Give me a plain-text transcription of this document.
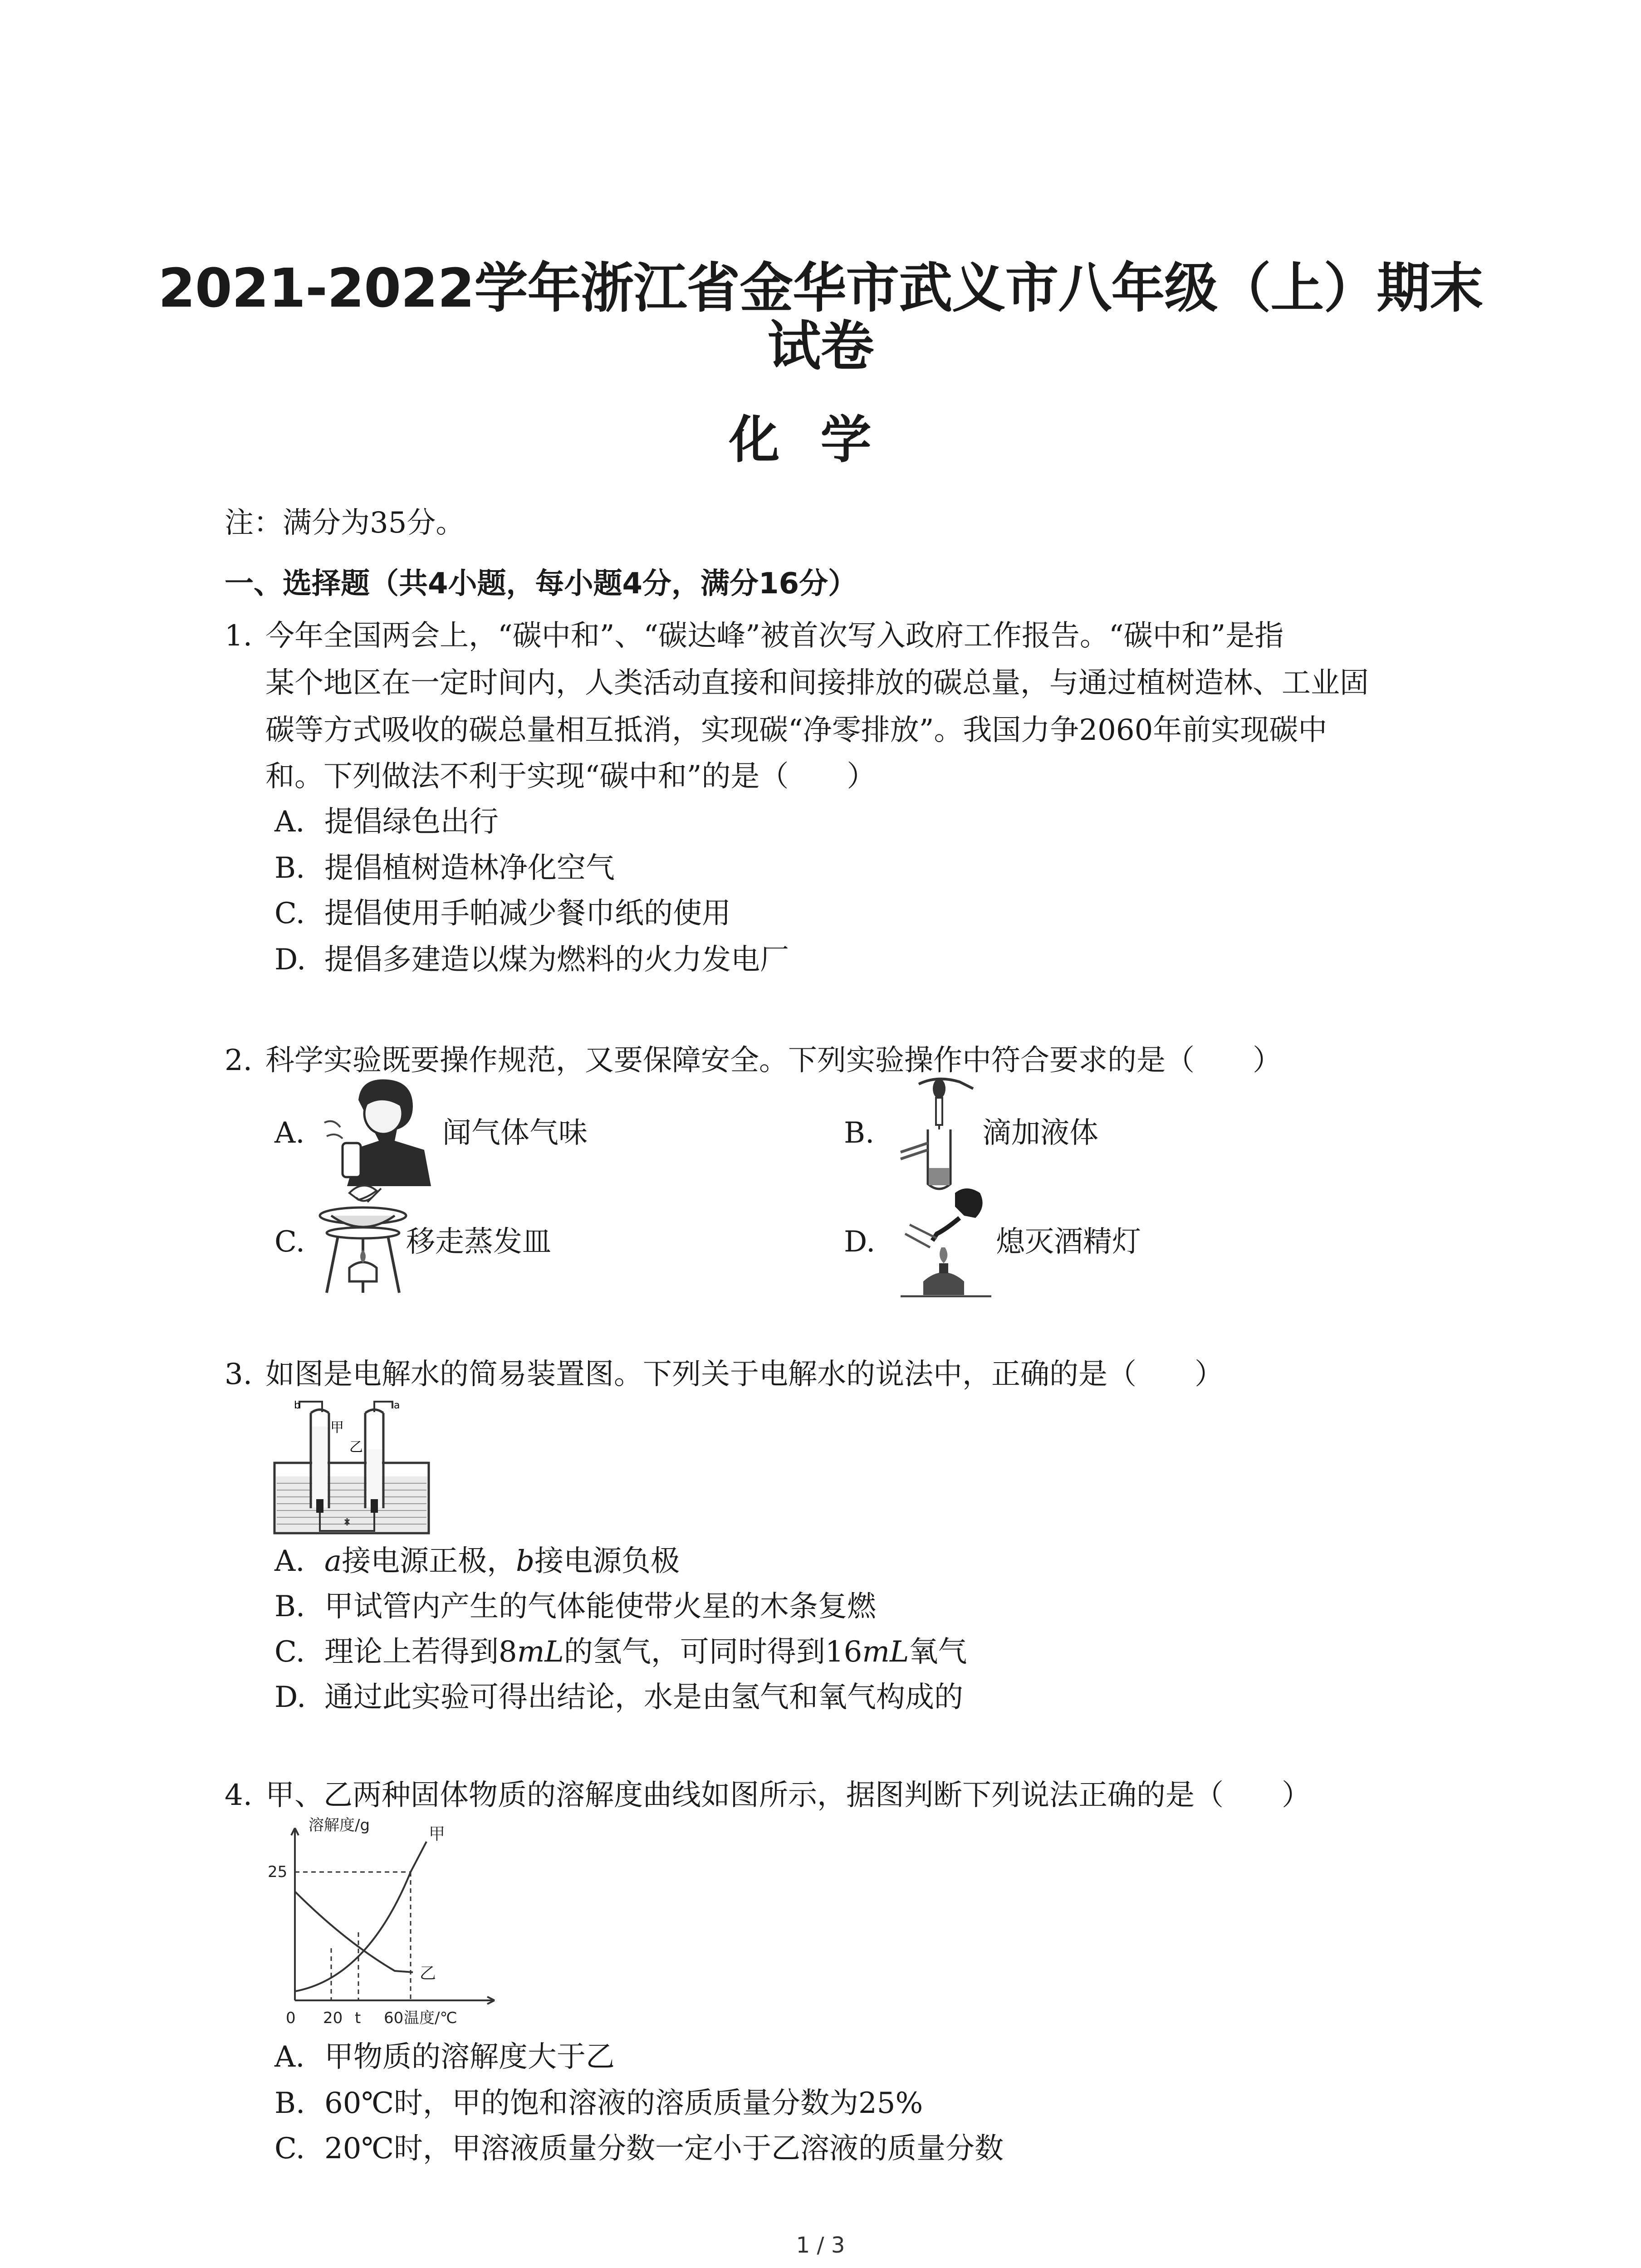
2021-2022学年浙江省金华市武义市八年级（上）期末
试卷
化学
注：满分为35分。
一、选择题（共4小题，每小题4分，满分16分）
1. 今年全国两会上，“碳中和”、“碳达峰”被首次写入政府工作报告。“碳中和”是指
某个地区在一定时间内，人类活动直接和间接排放的碳总量，与通过植树造林、工业固
碳等方式吸收的碳总量相互抵消，实现碳“净零排放”。我国力争2060年前实现碳中
和。下列做法不利于实现“碳中和”的是（　　）
A. 提倡绿色出行
B. 提倡植树造林净化空气
C. 提倡使用手帕减少餐巾纸的使用
D. 提倡多建造以煤为燃料的火力发电厂
2. 科学实验既要操作规范，又要保障安全。下列实验操作中符合要求的是（　　）
A.	闻气体气味	B.	滴加液体
C.	移走蒸发皿	D.	熄灭酒精灯
3. 如图是电解水的简易装置图。下列关于电解水的说法中，正确的是（　　）
b	a
甲
乙
A. a接电源正极，b接电源负极
B. 甲试管内产生的气体能使带火星的木条复燃
C. 理论上若得到8mL的氢气，可同时得到16mL氧气
D. 通过此实验可得出结论，水是由氢气和氧气构成的
4. 甲、乙两种固体物质的溶解度曲线如图所示，据图判断下列说法正确的是（　　）
溶解度/g
温度/℃
25
0 20 t 60
甲
乙
A. 甲物质的溶解度大于乙
B. 60℃时，甲的饱和溶液的溶质质量分数为25%
C. 20℃时，甲溶液质量分数一定小于乙溶液的质量分数
1 / 3
